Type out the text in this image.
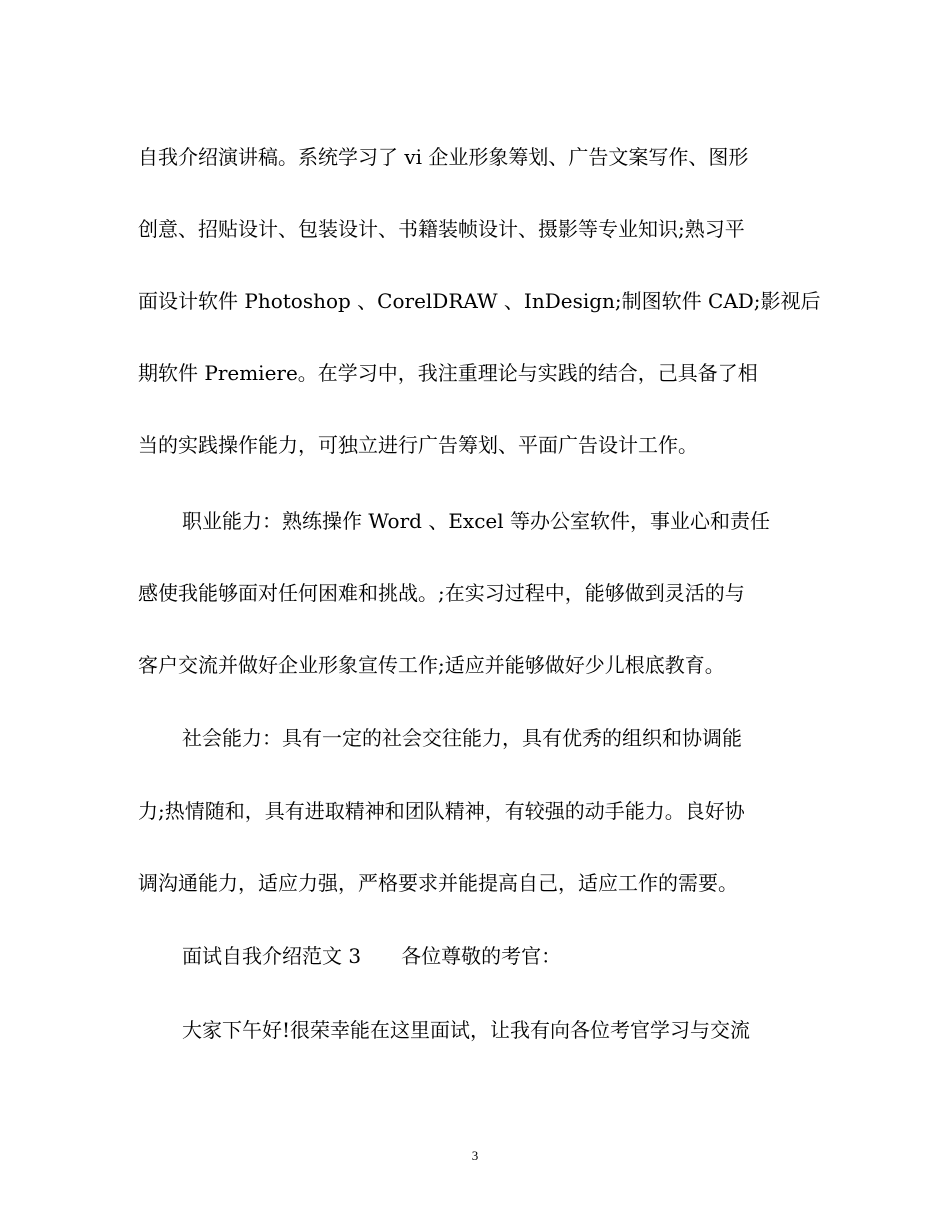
自我介绍演讲稿。系统学习了 vi 企业形象筹划、广告文案写作、图形
创意、招贴设计、包装设计、书籍装帧设计、摄影等专业知识;熟习平
面设计软件 Photoshop 、CorelDRAW 、InDesign;制图软件 CAD;影视后
期软件 Premiere。在学习中，我注重理论与实践的结合，己具备了相
当的实践操作能力，可独立进行广告筹划、平面广告设计工作。
职业能力：熟练操作 Word 、Excel 等办公室软件，事业心和责任
感使我能够面对任何困难和挑战。;在实习过程中，能够做到灵活的与
客户交流并做好企业形象宣传工作;适应并能够做好少儿根底教育。
社会能力：具有一定的社会交往能力，具有优秀的组织和协调能
力;热情随和，具有进取精神和团队精神，有较强的动手能力。良好协
调沟通能力，适应力强，严格要求并能提高自己，适应工作的需要。
面试自我介绍范文 3　　各位尊敬的考官：
大家下午好!很荣幸能在这里面试，让我有向各位考官学习与交流
3
